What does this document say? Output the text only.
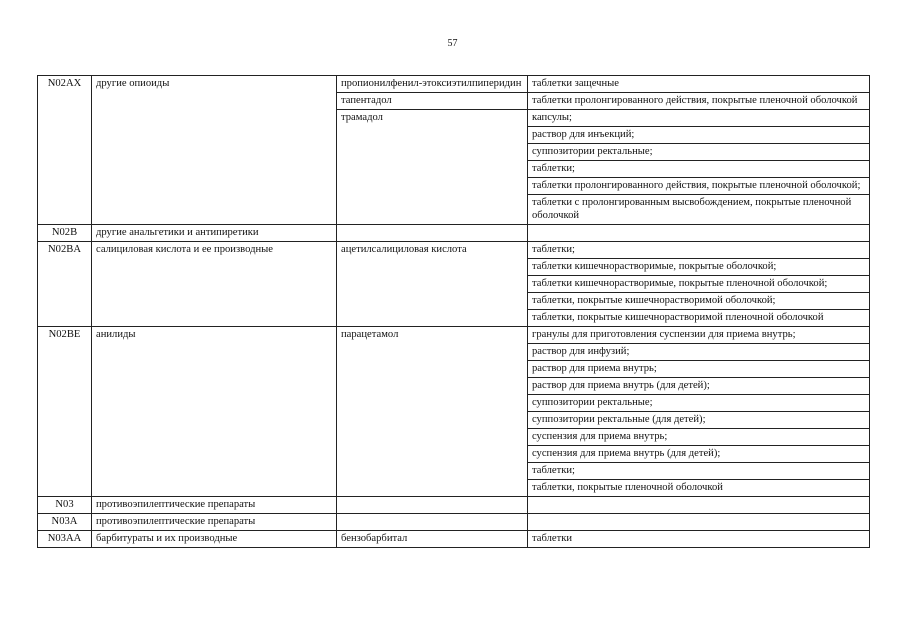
57
N02AX	другие опиоиды	пропионилфенил-этоксиэтилпиперидин	таблетки защечные
		тапентадол	таблетки пролонгированного действия, покрытые пленочной оболочкой
		трамадол	капсулы;
			раствор для инъекций;
			суппозитории ректальные;
			таблетки;
			таблетки пролонгированного действия, покрытые пленочной оболочкой;
			таблетки с пролонгированным высвобождением, покрытые пленочной оболочкой
N02B	другие анальгетики и антипиретики		
N02BA	салициловая кислота и ее производные	ацетилсалициловая кислота	таблетки;
			таблетки кишечнорастворимые, покрытые оболочкой;
			таблетки кишечнорастворимые, покрытые пленочной оболочкой;
			таблетки, покрытые кишечнорастворимой оболочкой;
			таблетки, покрытые кишечнорастворимой пленочной оболочкой
N02BE	анилиды	парацетамол	гранулы для приготовления суспензии для приема внутрь;
			раствор для инфузий;
			раствор для приема внутрь;
			раствор для приема внутрь (для детей);
			суппозитории ректальные;
			суппозитории ректальные (для детей);
			суспензия для приема внутрь;
			суспензия для приема внутрь (для детей);
			таблетки;
			таблетки, покрытые пленочной оболочкой
N03	противоэпилептические препараты		
N03A	противоэпилептические препараты		
N03AA	барбитураты и их производные	бензобарбитал	таблетки
